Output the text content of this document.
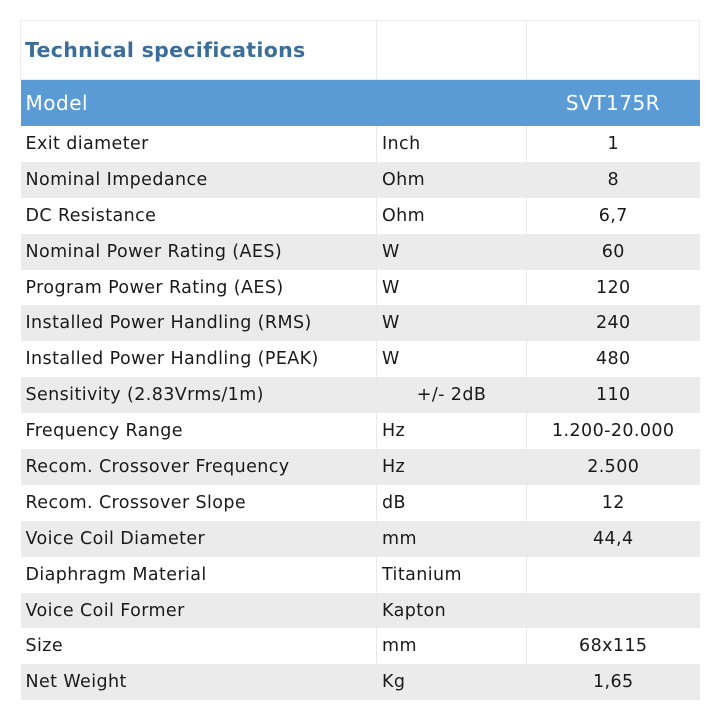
Technical specifications		
Model		SVT175R
Exit diameter	Inch	1
Nominal Impedance	Ohm	8
DC Resistance	Ohm	6,7
Nominal Power Rating (AES)	W	60
Program Power Rating (AES)	W	120
Installed Power Handling (RMS)	W	240
Installed Power Handling (PEAK)	W	480
Sensitivity (2.83Vrms/1m)	+/- 2dB	110
Frequency Range	Hz	1.200-20.000
Recom. Crossover Frequency	Hz	2.500
Recom. Crossover Slope	dB	12
Voice Coil Diameter	mm	44,4
Diaphragm Material	Titanium	
Voice Coil Former	Kapton	
Size	mm	68x115
Net Weight	Kg	1,65
